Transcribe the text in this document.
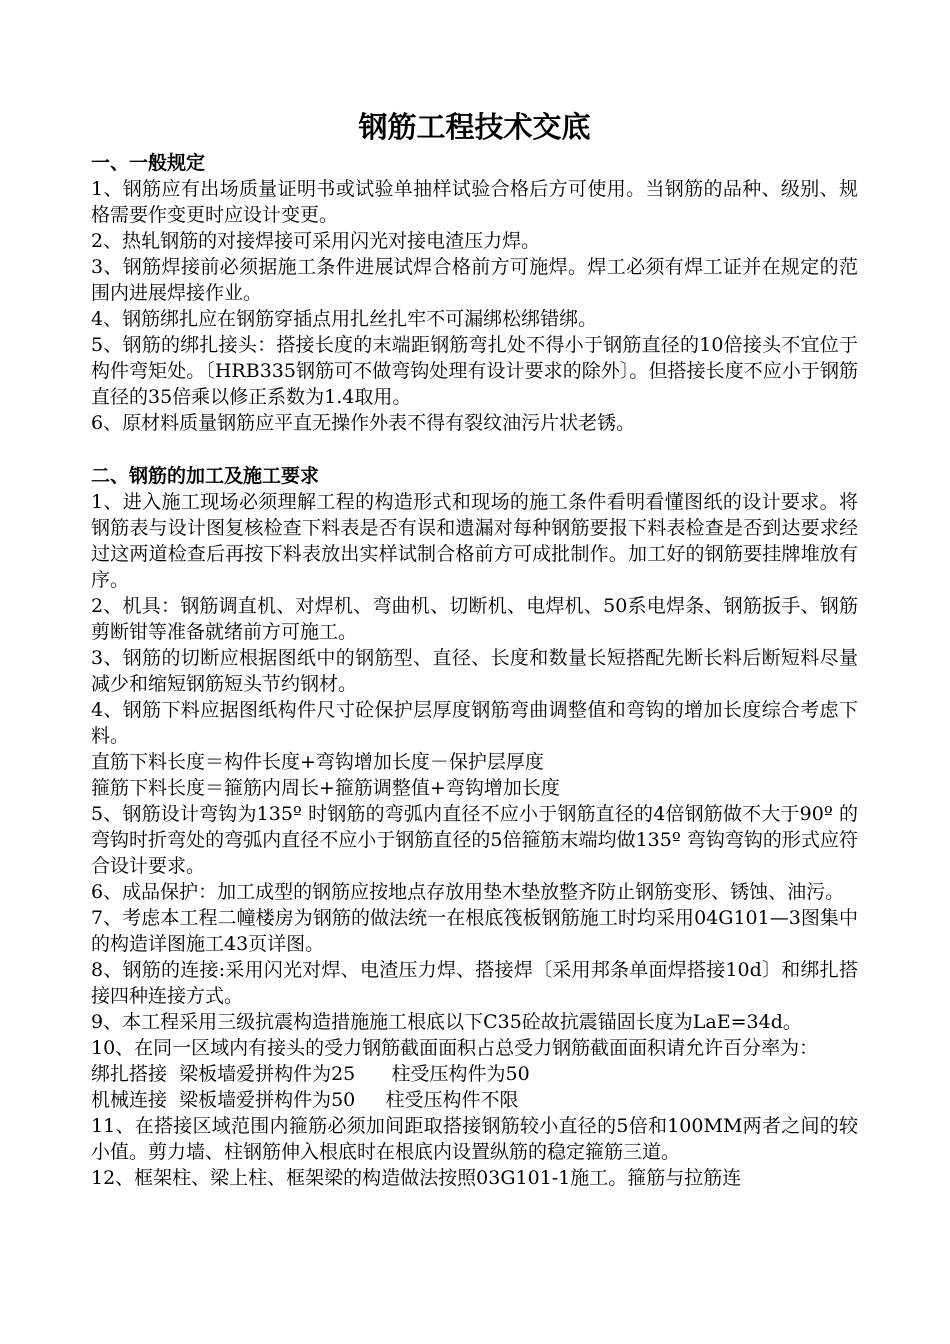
钢筋工程技术交底
一、一般规定

1、钢筋应有出场质量证明书或试验单抽样试验合格后方可使用。当钢筋的品种、级别、规格需要作变更时应设计变更。

2、热轧钢筋的对接焊接可采用闪光对接电渣压力焊。

3、钢筋焊接前必须据施工条件进展试焊合格前方可施焊。焊工必须有焊工证并在规定的范围内进展焊接作业。

4、钢筋绑扎应在钢筋穿插点用扎丝扎牢不可漏绑松绑错绑。

5、钢筋的绑扎接头：搭接长度的末端距钢筋弯扎处不得小于钢筋直径的10倍接头不宜位于构件弯矩处。〔HRB335钢筋可不做弯钩处理有设计要求的除外〕。但搭接长度不应小于钢筋直径的35倍乘以修正系数为1.4取用。

6、原材料质量钢筋应平直无操作外表不得有裂纹油污片状老锈。

二、钢筋的加工及施工要求

1、进入施工现场必须理解工程的构造形式和现场的施工条件看明看懂图纸的设计要求。将钢筋表与设计图复核检查下料表是否有误和遗漏对每种钢筋要报下料表检查是否到达要求经过这两道检查后再按下料表放出实样试制合格前方可成批制作。加工好的钢筋要挂牌堆放有序。

2、机具：钢筋调直机、对焊机、弯曲机、切断机、电焊机、50系电焊条、钢筋扳手、钢筋剪断钳等准备就绪前方可施工。

3、钢筋的切断应根据图纸中的钢筋型、直径、长度和数量长短搭配先断长料后断短料尽量减少和缩短钢筋短头节约钢材。

4、钢筋下料应据图纸构件尺寸砼保护层厚度钢筋弯曲调整值和弯钩的增加长度综合考虑下料。

直筋下料长度＝构件长度+弯钩增加长度－保护层厚度

箍筋下料长度＝箍筋内周长+箍筋调整值+弯钩增加长度

5、钢筋设计弯钩为135º 时钢筋的弯弧内直径不应小于钢筋直径的4倍钢筋做不大于90º 的弯钩时折弯处的弯弧内直径不应小于钢筋直径的5倍箍筋末端均做135º 弯钩弯钩的形式应符合设计要求。

6、成品保护：加工成型的钢筋应按地点存放用垫木垫放整齐防止钢筋变形、锈蚀、油污。

7、考虑本工程二幢楼房为钢筋的做法统一在根底筏板钢筋施工时均采用04G101—3图集中的构造详图施工43页详图。

8、钢筋的连接:采用闪光对焊、电渣压力焊、搭接焊〔采用邦条单面焊搭接10d〕和绑扎搭接四种连接方式。

9、本工程采用三级抗震构造措施施工根底以下C35砼故抗震锚固长度为LaE=34d。

10、在同一区域内有接头的受力钢筋截面面积占总受力钢筋截面面积请允许百分率为：

绑扎搭接  梁板墙爱拼构件为25      柱受压构件为50

机械连接  梁板墙爱拼构件为50     柱受压构件不限

11、在搭接区域范围内箍筋必须加间距取搭接钢筋较小直径的5倍和100MM两者之间的较小值。剪力墙、柱钢筋伸入根底时在根底内设置纵筋的稳定箍筋三道。

12、框架柱、梁上柱、框架梁的构造做法按照03G101-1施工。箍筋与拉筋连
